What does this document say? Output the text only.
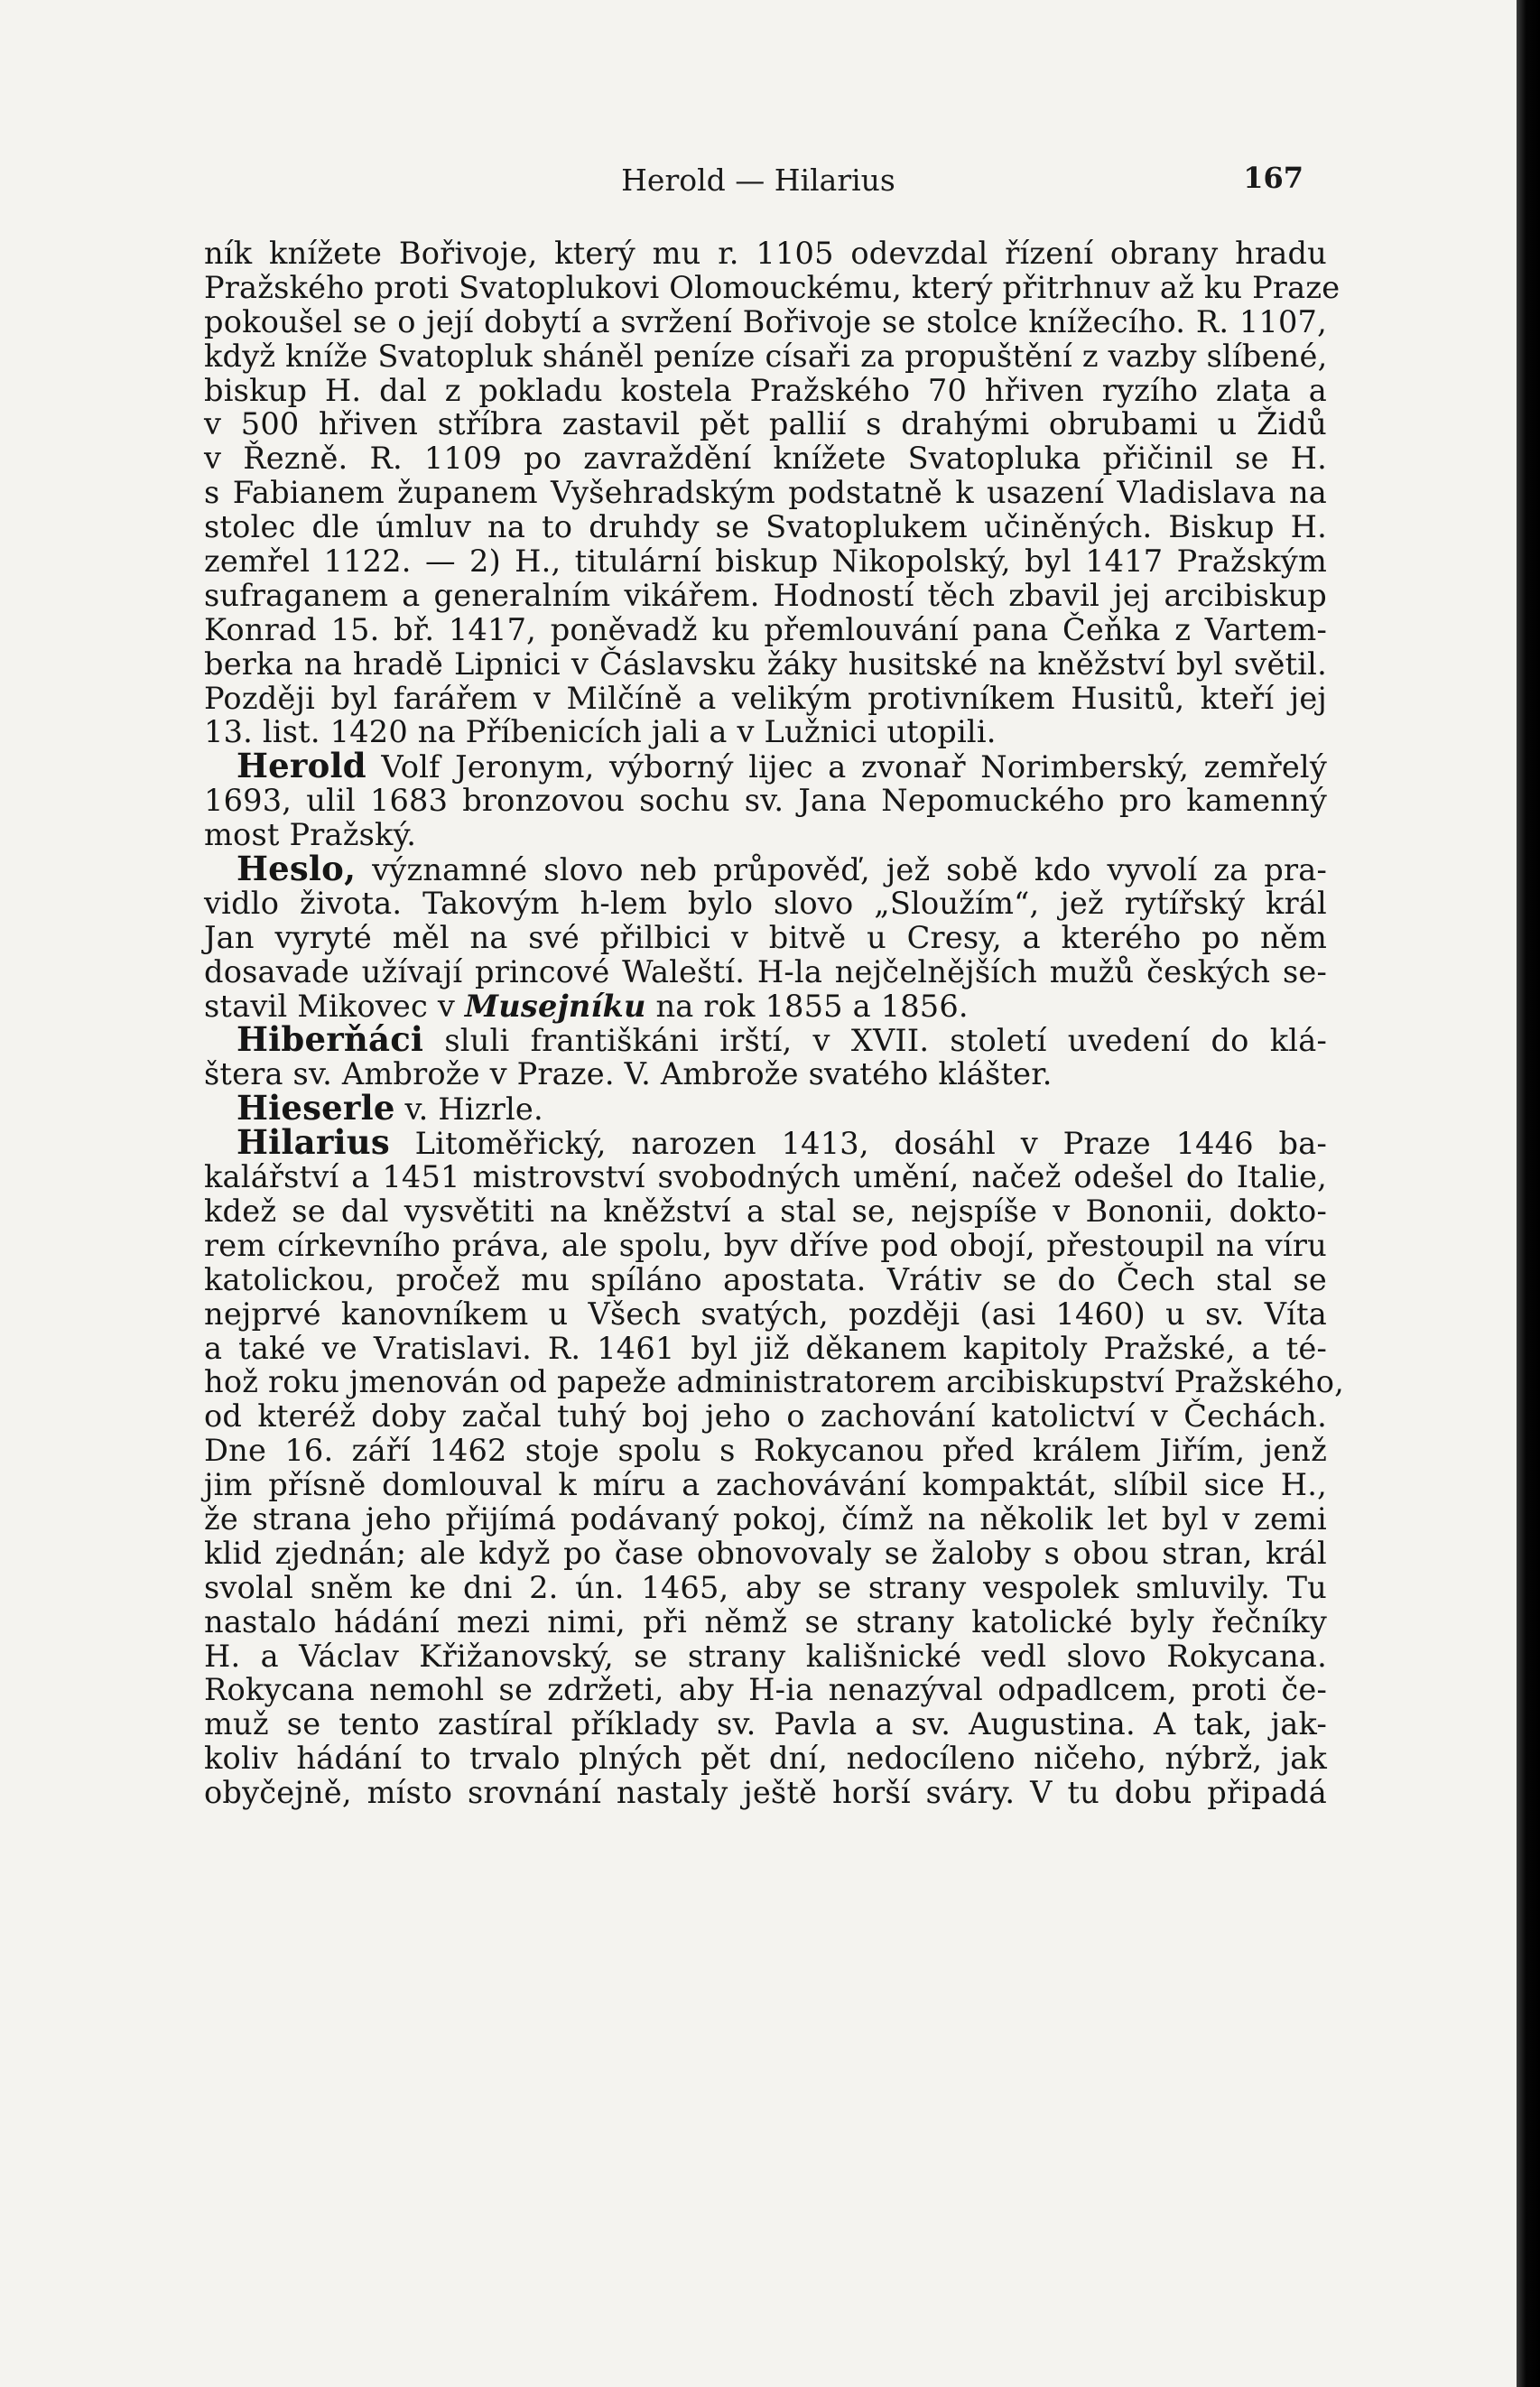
Herold — Hilarius	167
ník knížete Bořivoje, který mu r. 1105 odevzdal řízení obrany hradu
Pražského proti Svatoplukovi Olomouckému, který přitrhnuv až ku Praze
pokoušel se o její dobytí a svržení Bořivoje se stolce knížecího. R. 1107,
když kníže Svatopluk sháněl peníze císaři za propuštění z vazby slíbené,
biskup H. dal z pokladu kostela Pražského 70 hřiven ryzího zlata a
v 500 hřiven stříbra zastavil pět pallií s drahými obrubami u Židů
v Řezně. R. 1109 po zavraždění knížete Svatopluka přičinil se H.
s Fabianem županem Vyšehradským podstatně k usazení Vladislava na
stolec dle úmluv na to druhdy se Svatoplukem učiněných. Biskup H.
zemřel 1122. — 2) H., titulární biskup Nikopolský, byl 1417 Pražským
sufraganem a generalním vikářem. Hodností těch zbavil jej arcibiskup
Konrad 15. bř. 1417, poněvadž ku přemlouvání pana Čeňka z Vartem-
berka na hradě Lipnici v Čáslavsku žáky husitské na kněžství byl světil.
Později byl farářem v Milčíně a velikým protivníkem Husitů, kteří jej
13. list. 1420 na Příbenicích jali a v Lužnici utopili.
Herold Volf Jeronym, výborný lijec a zvonař Norimberský, zemřelý
1693, ulil 1683 bronzovou sochu sv. Jana Nepomuckého pro kamenný
most Pražský.
Heslo, významné slovo neb průpověď, jež sobě kdo vyvolí za pra-
vidlo života. Takovým h-lem bylo slovo „Sloužím“, jež rytířský král
Jan vyryté měl na své přilbici v bitvě u Cresy, a kterého po něm
dosavade užívají princové Waleští. H-la nejčelnějších mužů českých se-
stavil Mikovec v Musejníku na rok 1855 a 1856.
Hiberňáci sluli františkáni irští, v XVII. století uvedení do klá-
štera sv. Ambrože v Praze. V. Ambrože svatého klášter.
Hieserle v. Hizrle.
Hilarius Litoměřický, narozen 1413, dosáhl v Praze 1446 ba-
kalářství a 1451 mistrovství svobodných umění, načež odešel do Italie,
kdež se dal vysvětiti na kněžství a stal se, nejspíše v Bononii, dokto-
rem církevního práva, ale spolu, byv dříve pod obojí, přestoupil na víru
katolickou, pročež mu spíláno apostata. Vrátiv se do Čech stal se
nejprvé kanovníkem u Všech svatých, později (asi 1460) u sv. Víta
a také ve Vratislavi. R. 1461 byl již děkanem kapitoly Pražské, a té-
hož roku jmenován od papeže administratorem arcibiskupství Pražského,
od kteréž doby začal tuhý boj jeho o zachování katolictví v Čechách.
Dne 16. září 1462 stoje spolu s Rokycanou před králem Jiřím, jenž
jim přísně domlouval k míru a zachovávání kompaktát, slíbil sice H.,
že strana jeho přijímá podávaný pokoj, čímž na několik let byl v zemi
klid zjednán; ale když po čase obnovovaly se žaloby s obou stran, král
svolal sněm ke dni 2. ún. 1465, aby se strany vespolek smluvily. Tu
nastalo hádání mezi nimi, při němž se strany katolické byly řečníky
H. a Václav Křižanovský, se strany kališnické vedl slovo Rokycana.
Rokycana nemohl se zdržeti, aby H-ia nenazýval odpadlcem, proti če-
muž se tento zastíral příklady sv. Pavla a sv. Augustina. A tak, jak-
koliv hádání to trvalo plných pět dní, nedocíleno ničeho, nýbrž, jak
obyčejně, místo srovnání nastaly ještě horší sváry. V tu dobu připadá
